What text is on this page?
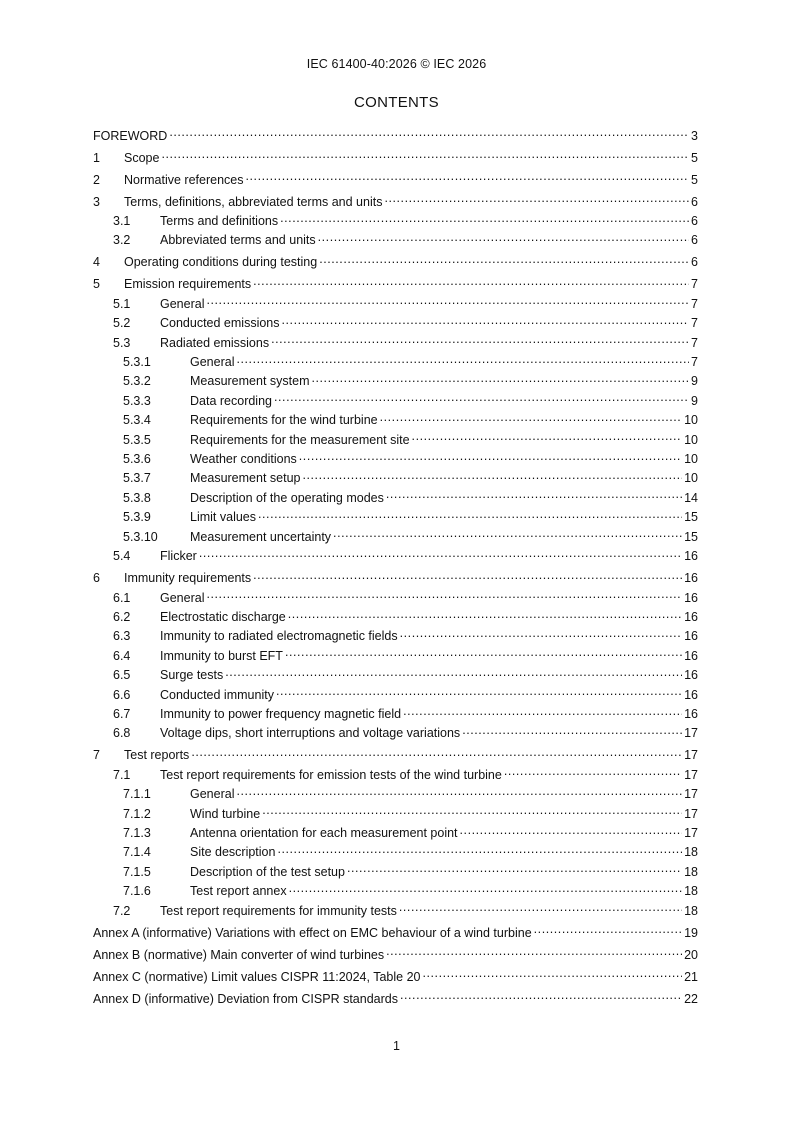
IEC 61400-40:2026 © IEC 2026
CONTENTS
FOREWORD .....	3
1	Scope .....	5
2	Normative references .....	5
3	Terms, definitions, abbreviated terms and units .....	6
3.1	Terms and definitions .....	6
3.2	Abbreviated terms and units .....	6
4	Operating conditions during testing .....	6
5	Emission requirements .....	7
5.1	General .....	7
5.2	Conducted emissions .....	7
5.3	Radiated emissions .....	7
5.3.1	General .....	7
5.3.2	Measurement system .....	9
5.3.3	Data recording .....	9
5.3.4	Requirements for the wind turbine .....	10
5.3.5	Requirements for the measurement site .....	10
5.3.6	Weather conditions .....	10
5.3.7	Measurement setup .....	10
5.3.8	Description of the operating modes .....	14
5.3.9	Limit values .....	15
5.3.10	Measurement uncertainty .....	15
5.4	Flicker .....	16
6	Immunity requirements .....	16
6.1	General .....	16
6.2	Electrostatic discharge .....	16
6.3	Immunity to radiated electromagnetic fields .....	16
6.4	Immunity to burst EFT .....	16
6.5	Surge tests .....	16
6.6	Conducted immunity .....	16
6.7	Immunity to power frequency magnetic field .....	16
6.8	Voltage dips, short interruptions and voltage variations .....	17
7	Test reports .....	17
7.1	Test report requirements for emission tests of the wind turbine .....	17
7.1.1	General .....	17
7.1.2	Wind turbine .....	17
7.1.3	Antenna orientation for each measurement point .....	17
7.1.4	Site description .....	18
7.1.5	Description of the test setup .....	18
7.1.6	Test report annex .....	18
7.2	Test report requirements for immunity tests .....	18
Annex A (informative) Variations with effect on EMC behaviour of a wind turbine .....	19
Annex B (normative) Main converter of wind turbines .....	20
Annex C (normative) Limit values CISPR 11:2024, Table 20 .....	21
Annex D (informative) Deviation from CISPR standards .....	22
1
